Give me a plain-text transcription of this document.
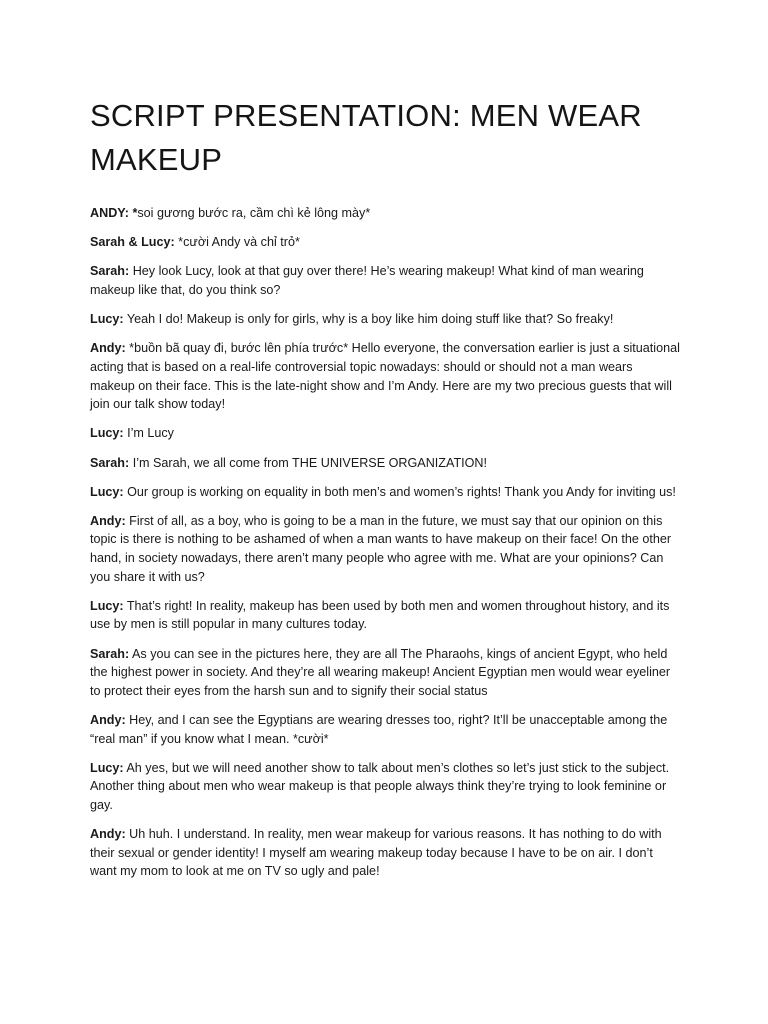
SCRIPT PRESENTATION: MEN WEAR MAKEUP

ANDY: *soi gương bước ra, cầm chì kẻ lông mày*

Sarah & Lucy: *cười Andy và chỉ trỏ*

Sarah: Hey look Lucy, look at that guy over there! He’s wearing makeup! What kind of man wearing makeup like that, do you think so?

Lucy: Yeah I do! Makeup is only for girls, why is a boy like him doing stuff like that? So freaky!

Andy: *buồn bã quay đi, bước lên phía trước* Hello everyone, the conversation earlier is just a situational acting that is based on a real-life controversial topic nowadays: should or should not a man wears makeup on their face. This is the late-night show and I’m Andy. Here are my two precious guests that will join our talk show today!

Lucy: I’m Lucy

Sarah: I’m Sarah, we all come from THE UNIVERSE ORGANIZATION!

Lucy: Our group is working on equality in both men’s and women’s rights! Thank you Andy for inviting us!

Andy: First of all, as a boy, who is going to be a man in the future, we must say that our opinion on this topic is there is nothing to be ashamed of when a man wants to have makeup on their face! On the other hand, in society nowadays, there aren’t many people who agree with me. What are your opinions? Can you share it with us?

Lucy: That’s right! In reality, makeup has been used by both men and women throughout history, and its use by men is still popular in many cultures today.

Sarah: As you can see in the pictures here, they are all The Pharaohs, kings of ancient Egypt, who held the highest power in society. And they’re all wearing makeup! Ancient Egyptian men would wear eyeliner to protect their eyes from the harsh sun and to signify their social status

Andy: Hey, and I can see the Egyptians are wearing dresses too, right? It’ll be unacceptable among the “real man” if you know what I mean. *cười*

Lucy: Ah yes, but we will need another show to talk about men’s clothes so let’s just stick to the subject. Another thing about men who wear makeup is that people always think they’re trying to look feminine or gay.

Andy: Uh huh. I understand. In reality, men wear makeup for various reasons. It has nothing to do with their sexual or gender identity! I myself am wearing makeup today because I have to be on air. I don’t want my mom to look at me on TV so ugly and pale!
